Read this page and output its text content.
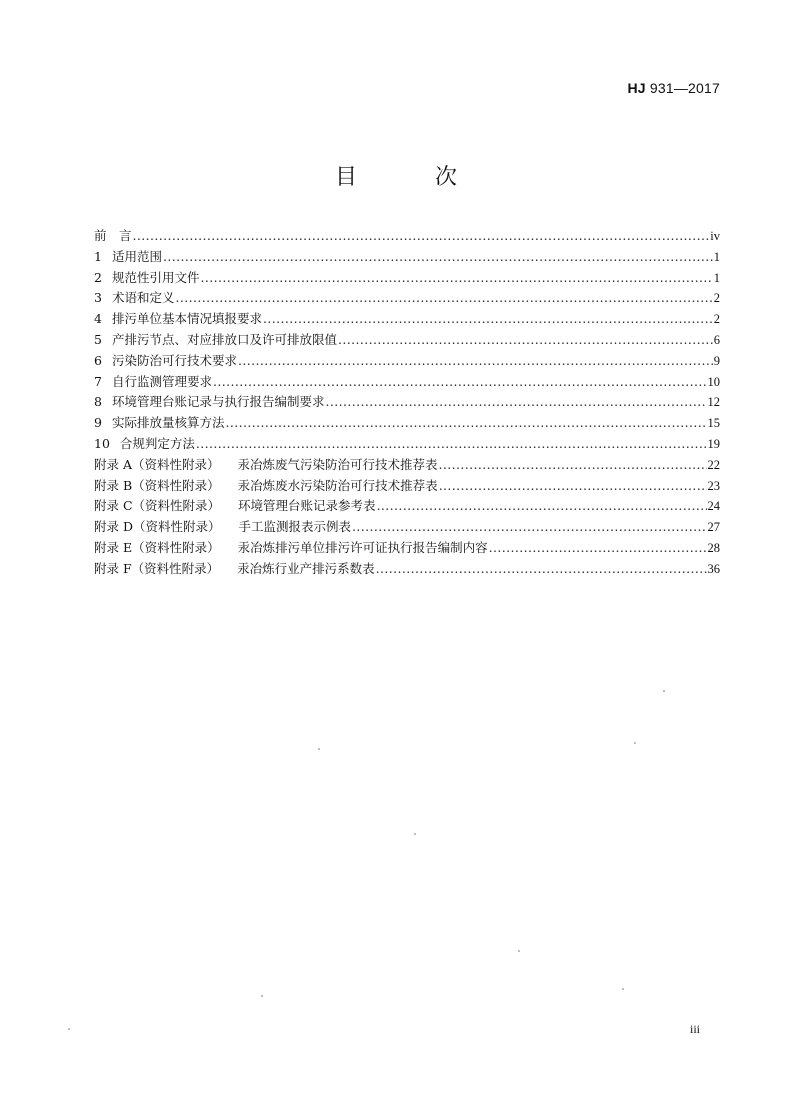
HJ 931—2017
目　次
前　言 .....	iv
1 适用范围 .....	1
2 规范性引用文件 .....	1
3 术语和定义 .....	2
4 排污单位基本情况填报要求 .....	2
5 产排污节点、对应排放口及许可排放限值 .....	6
6 污染防治可行技术要求 .....	9
7 自行监测管理要求 .....	10
8 环境管理台账记录与执行报告编制要求 .....	12
9 实际排放量核算方法 .....	15
10 合规判定方法 .....	19
附录 A（资料性附录） 汞冶炼废气污染防治可行技术推荐表 .....	22
附录 B（资料性附录） 汞冶炼废水污染防治可行技术推荐表 .....	23
附录 C（资料性附录） 环境管理台账记录参考表 .....	24
附录 D（资料性附录） 手工监测报表示例表 .....	27
附录 E（资料性附录） 汞冶炼排污单位排污许可证执行报告编制内容 .....	28
附录 F（资料性附录） 汞冶炼行业产排污系数表 .....	36
iii
